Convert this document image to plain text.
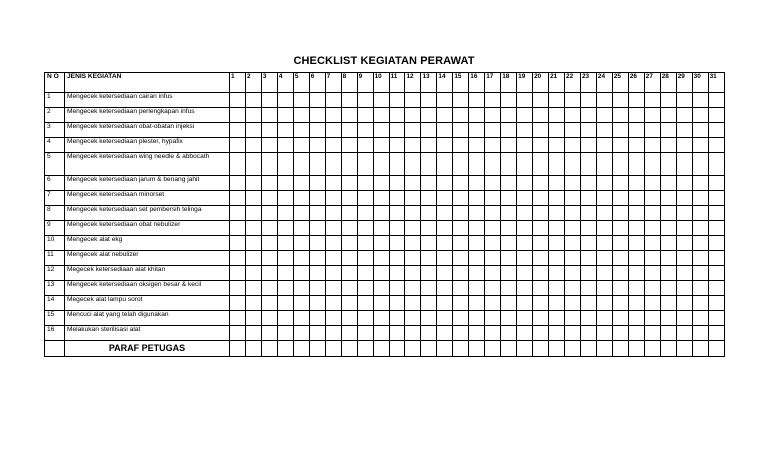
CHECKLIST KEGIATAN PERAWAT
N O	JENIS KEGIATAN	1	2	3	4	5	6	7	8	9	10	11	12	13	14	15	16	17	18	19	20	21	22	23	24	25	26	27	28	29	30	31
1	Mengecek ketersediaan cairan infus																															
2	Mengecek ketersediaan perlengkapan infus																															
3	Mengecek ketersediaan obat-obatan injeksi																															
4	Mengecek ketersediaan plester, hypafix																															
5	Mengecek ketersediaan wing needle & abbocath																															
6	Mengecek ketersediaan jarum & benang jahit																															
7	Mengecek ketersediaan minorset																															
8	Mengecek ketersediaan set pembersih telinga																															
9	Mengecek ketersediaan obat nebulizer																															
10	Mengecek alat ekg																															
11	Mengecek alat nebulizer																															
12	Megecek ketersediaan alat khitan																															
13	Mengecek ketersediaan oksigen besar & kecil																															
14	Megecek alat lampu sorot																															
15	Mencuci alat yang telah digunakan																															
16	Melakukan sterilisasi alat																															
	PARAF PETUGAS																															
